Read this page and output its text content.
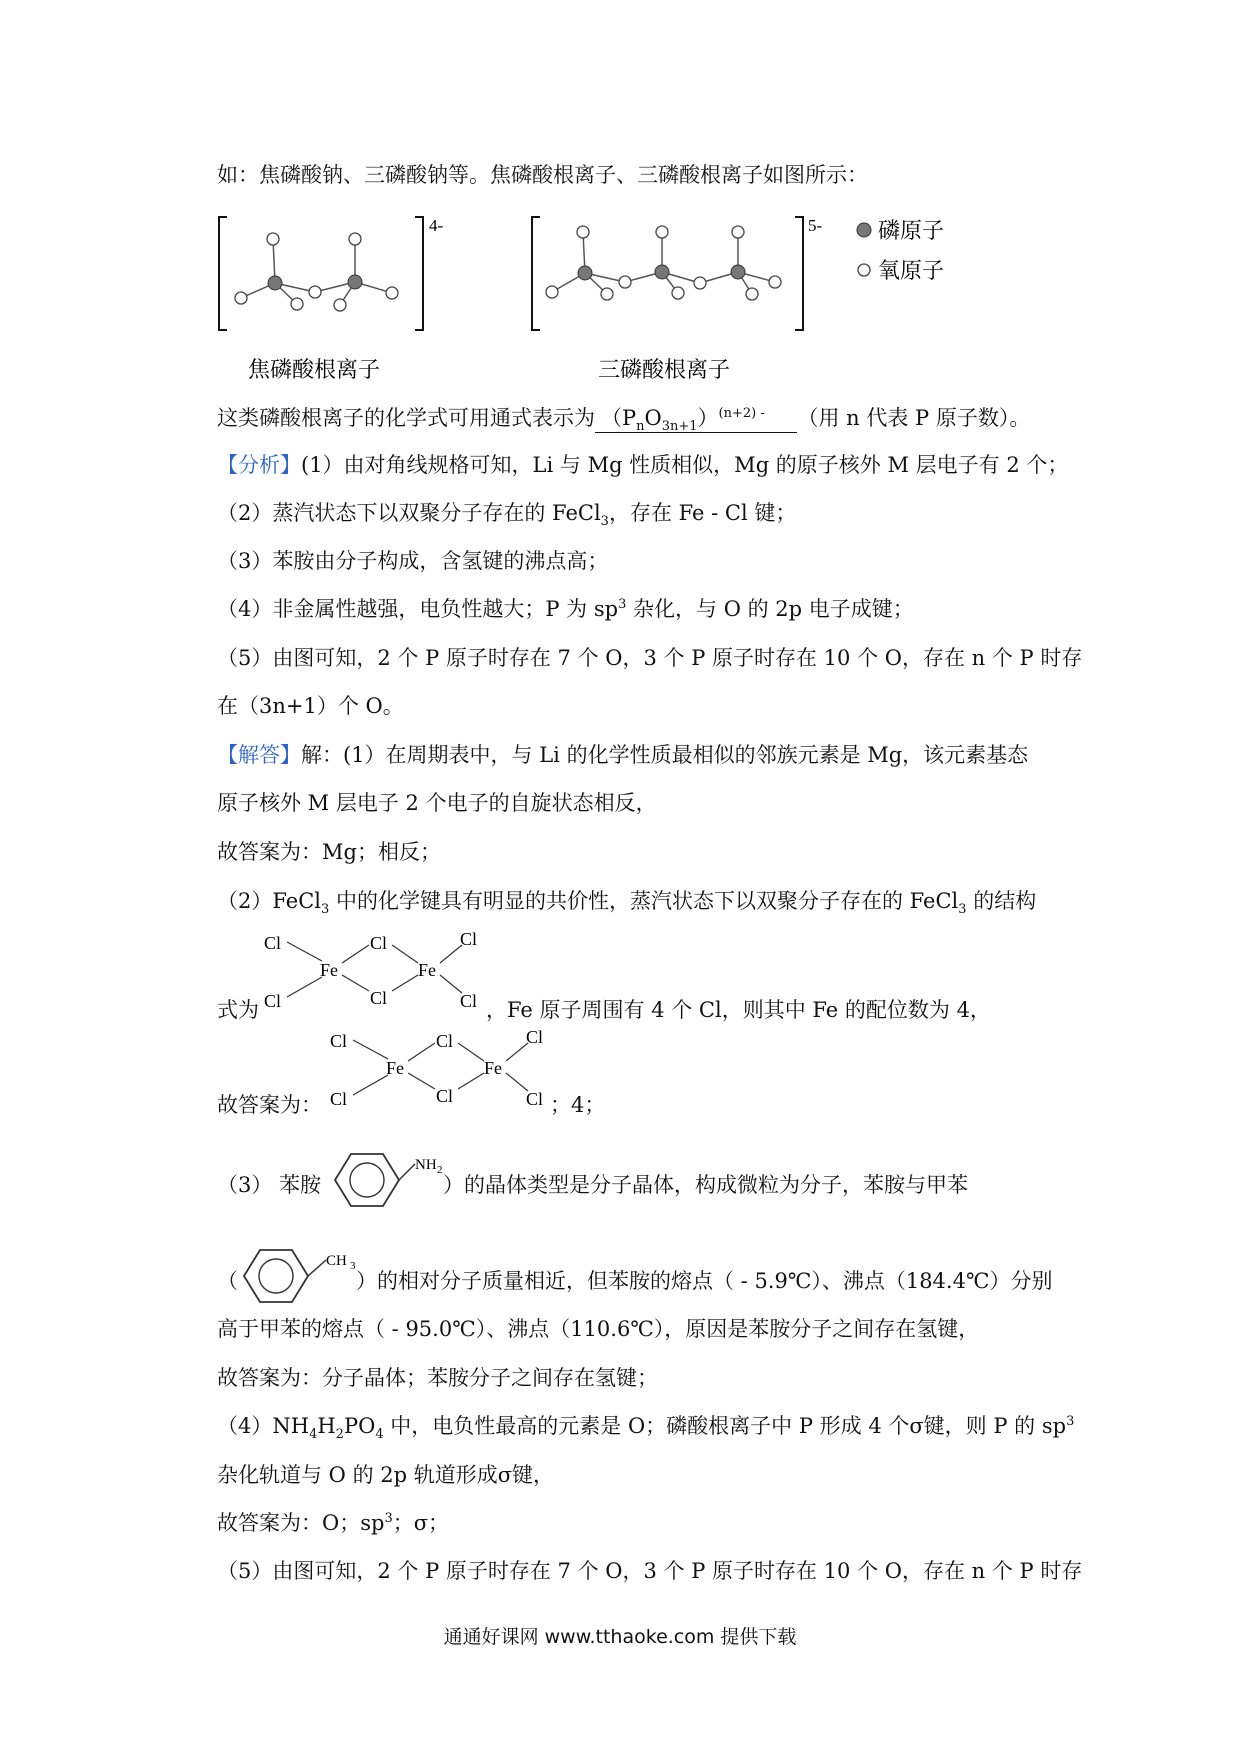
如：焦磷酸钠、三磷酸钠等。焦磷酸根离子、三磷酸根离子如图所示：
4-
焦磷酸根离子
5-
三磷酸根离子
磷原子
氧原子
这类磷酸根离子的化学式可用通式表示为 $(P_nO_{3n+1})^{(n+2) -}$ （用 n 代表 P 原子数）。
【分析】(1）由对角线规格可知，Li 与 Mg 性质相似，Mg 的原子核外 M 层电子有 2 个；
（2）蒸汽状态下以双聚分子存在的 FeCl$_3$，存在 Fe - Cl 键；
（3）苯胺由分子构成，含氢键的沸点高；
（4）非金属性越强，电负性越大；P 为 $sp^3$ 杂化，与 O 的 2p 电子成键；
（5）由图可知，2 个 P 原子时存在 7 个 O，3 个 P 原子时存在 10 个 O，存在 n 个 P 时存
在（3n+1）个 O。
【解答】解：(1）在周期表中，与 Li 的化学性质最相似的邻族元素是 Mg，该元素基态
原子核外 M 层电子 2 个电子的自旋状态相反，
故答案为：Mg；相反；
（2）FeCl$_3$ 中的化学键具有明显的共价性，蒸汽状态下以双聚分子存在的 FeCl$_3$ 的结构
Cl
Cl
Fe
Cl
Cl
Fe
Cl
Cl
式为	，Fe 原子周围有 4 个 Cl，则其中 Fe 的配位数为 4，
Cl
Cl
Fe
Cl
Cl
Fe
Cl
Cl
故答案为：	；4；
NH 2
（3） 苯胺	）的晶体类型是分子晶体，构成微粒为分子，苯胺与甲苯
CH 3
（	）的相对分子质量相近，但苯胺的熔点（ - 5.9℃）、沸点（184.4℃）分别
高于甲苯的熔点（ - 95.0℃）、沸点（110.6℃），原因是苯胺分子之间存在氢键，
故答案为：分子晶体；苯胺分子之间存在氢键；
$(4)NH_4H_2PO_4$ 中，电负性最高的元素是 O；磷酸根离子中 P 形成 4 个σ键，则 P 的 $sp^3$
杂化轨道与 O 的 2p 轨道形成σ键，
故答案为：O；$sp^3$；σ；
（5）由图可知，2 个 P 原子时存在 7 个 O，3 个 P 原子时存在 10 个 O，存在 n 个 P 时存
通通好课网 www.tthaoke.com 提供下载
